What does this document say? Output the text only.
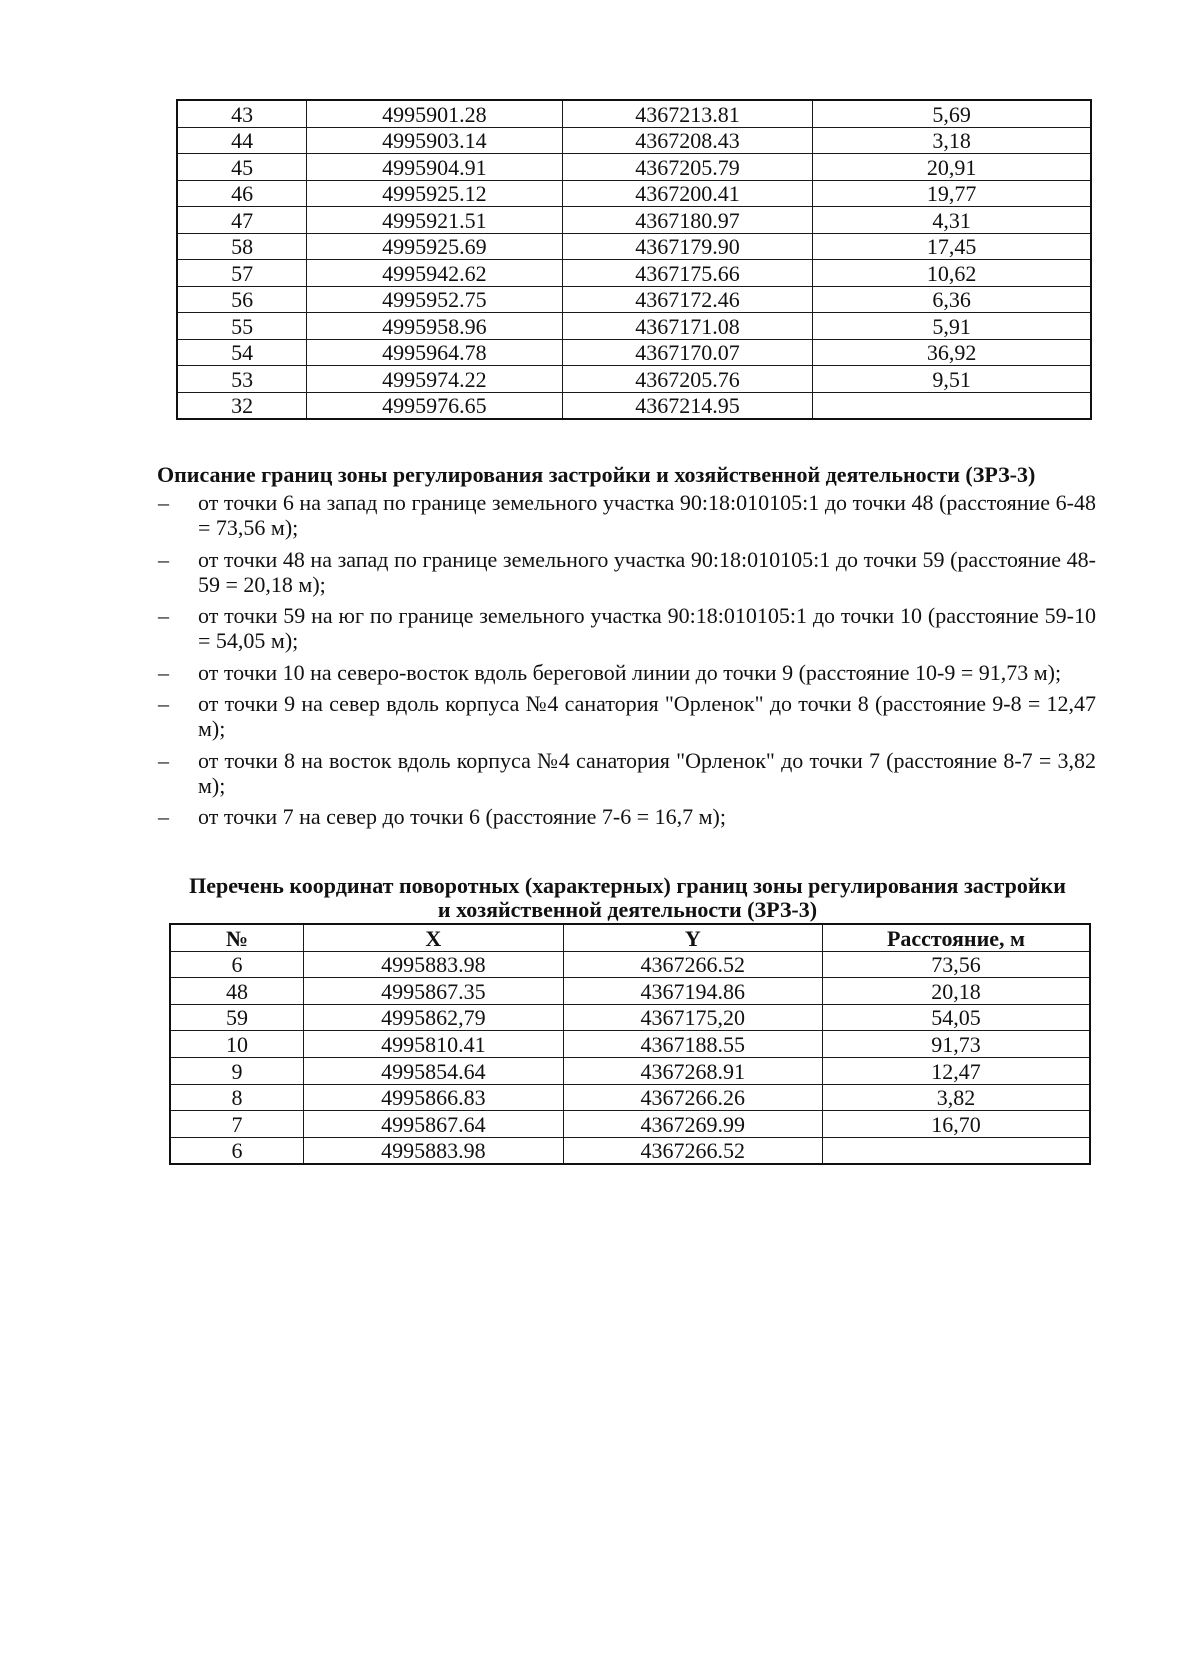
43	4995901.28	4367213.81	5,69
44	4995903.14	4367208.43	3,18
45	4995904.91	4367205.79	20,91
46	4995925.12	4367200.41	19,77
47	4995921.51	4367180.97	4,31
58	4995925.69	4367179.90	17,45
57	4995942.62	4367175.66	10,62
56	4995952.75	4367172.46	6,36
55	4995958.96	4367171.08	5,91
54	4995964.78	4367170.07	36,92
53	4995974.22	4367205.76	9,51
32	4995976.65	4367214.95	
Описание границ зоны регулирования застройки и хозяйственной деятельности (ЗРЗ-3)
– от точки 6 на запад по границе земельного участка 90:18:010105:1 до точки 48 (расстояние 6-48 = 73,56 м);
– от точки 48 на запад по границе земельного участка 90:18:010105:1 до точки 59 (расстояние 48-59 = 20,18 м);
– от точки 59 на юг по границе земельного участка 90:18:010105:1 до точки 10 (расстояние 59-10 = 54,05 м);
– от точки 10 на северо-восток вдоль береговой линии до точки 9 (расстояние 10-9 = 91,73 м);
– от точки 9 на север вдоль корпуса №4 санатория "Орленок" до точки 8 (расстояние 9-8 = 12,47 м);
– от точки 8 на восток вдоль корпуса №4 санатория "Орленок" до точки 7 (расстояние 8-7 = 3,82 м);
– от точки 7 на север до точки 6 (расстояние 7-6 = 16,7 м);
Перечень координат поворотных (характерных) границ зоны регулирования застройки
и хозяйственной деятельности (ЗРЗ-3)
№	X	Y	Расстояние, м
6	4995883.98	4367266.52	73,56
48	4995867.35	4367194.86	20,18
59	4995862,79	4367175,20	54,05
10	4995810.41	4367188.55	91,73
9	4995854.64	4367268.91	12,47
8	4995866.83	4367266.26	3,82
7	4995867.64	4367269.99	16,70
6	4995883.98	4367266.52	
